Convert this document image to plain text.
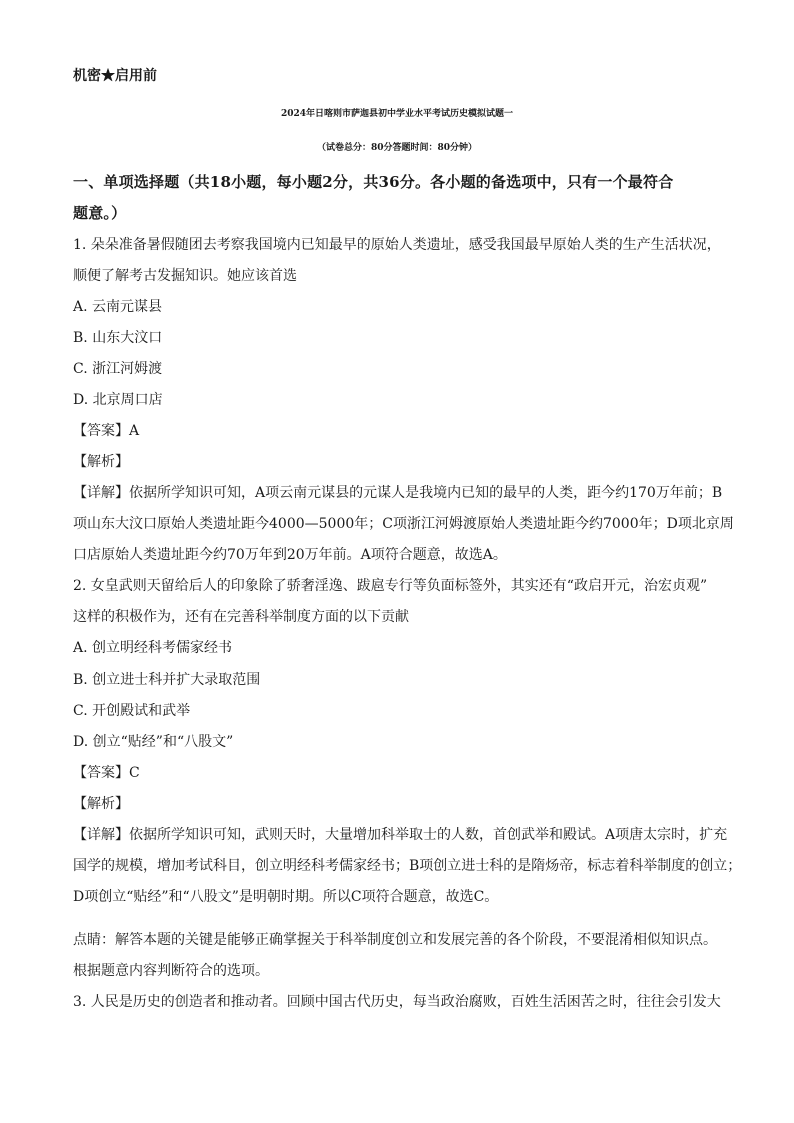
机密★启用前
2024年日喀则市萨迦县初中学业水平考试历史模拟试题一
（试卷总分：80分答题时间：80分钟）
一、单项选择题（共18小题，每小题2分，共36分。各小题的备选项中，只有一个最符合
题意。）
1. 朵朵准备暑假随团去考察我国境内已知最早的原始人类遗址，感受我国最早原始人类的生产生活状况，
顺便了解考古发掘知识。她应该首选
A. 云南元谋县
B. 山东大汶口
C. 浙江河姆渡
D. 北京周口店
【答案】A
【解析】
【详解】依据所学知识可知，A项云南元谋县的元谋人是我境内已知的最早的人类，距今约170万年前；B
项山东大汶口原始人类遗址距今4000—5000年；C项浙江河姆渡原始人类遗址距今约7000年；D项北京周
口店原始人类遗址距今约70万年到20万年前。A项符合题意，故选A。
2. 女皇武则天留给后人的印象除了骄奢淫逸、跋扈专行等负面标签外，其实还有“政启开元，治宏贞观”
这样的积极作为，还有在完善科举制度方面的以下贡献
A. 创立明经科考儒家经书
B. 创立进士科并扩大录取范围
C. 开创殿试和武举
D. 创立“贴经”和“八股文”
【答案】C
【解析】
【详解】依据所学知识可知，武则天时，大量增加科举取士的人数，首创武举和殿试。A项唐太宗时，扩充
国学的规模，增加考试科目，创立明经科考儒家经书；B项创立进士科的是隋炀帝，标志着科举制度的创立；
D项创立“贴经”和“八股文”是明朝时期。所以C项符合题意，故选C。
点睛：解答本题的关键是能够正确掌握关于科举制度创立和发展完善的各个阶段，不要混淆相似知识点。
根据题意内容判断符合的选项。
3. 人民是历史的创造者和推动者。回顾中国古代历史，每当政治腐败，百姓生活困苦之时，往往会引发大
